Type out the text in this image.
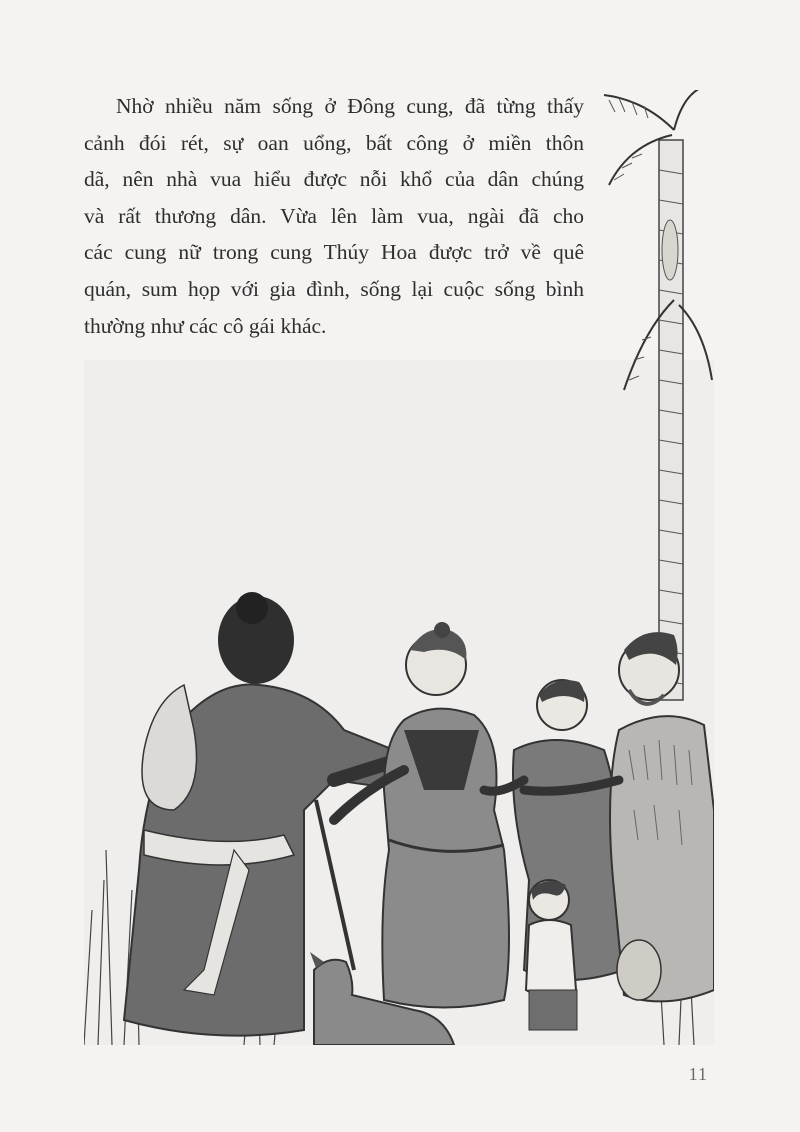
Nhờ nhiều năm sống ở Đông cung, đã từng thấy
cảnh đói rét, sự oan uổng, bất công ở miền thôn
dã, nên nhà vua hiểu được nỗi khổ của dân chúng
và rất thương dân. Vừa lên làm vua, ngài đã cho
các cung nữ trong cung Thúy Hoa được trở về quê
quán, sum họp với gia đình, sống lại cuộc sống bình
thường như các cô gái khác.
11
